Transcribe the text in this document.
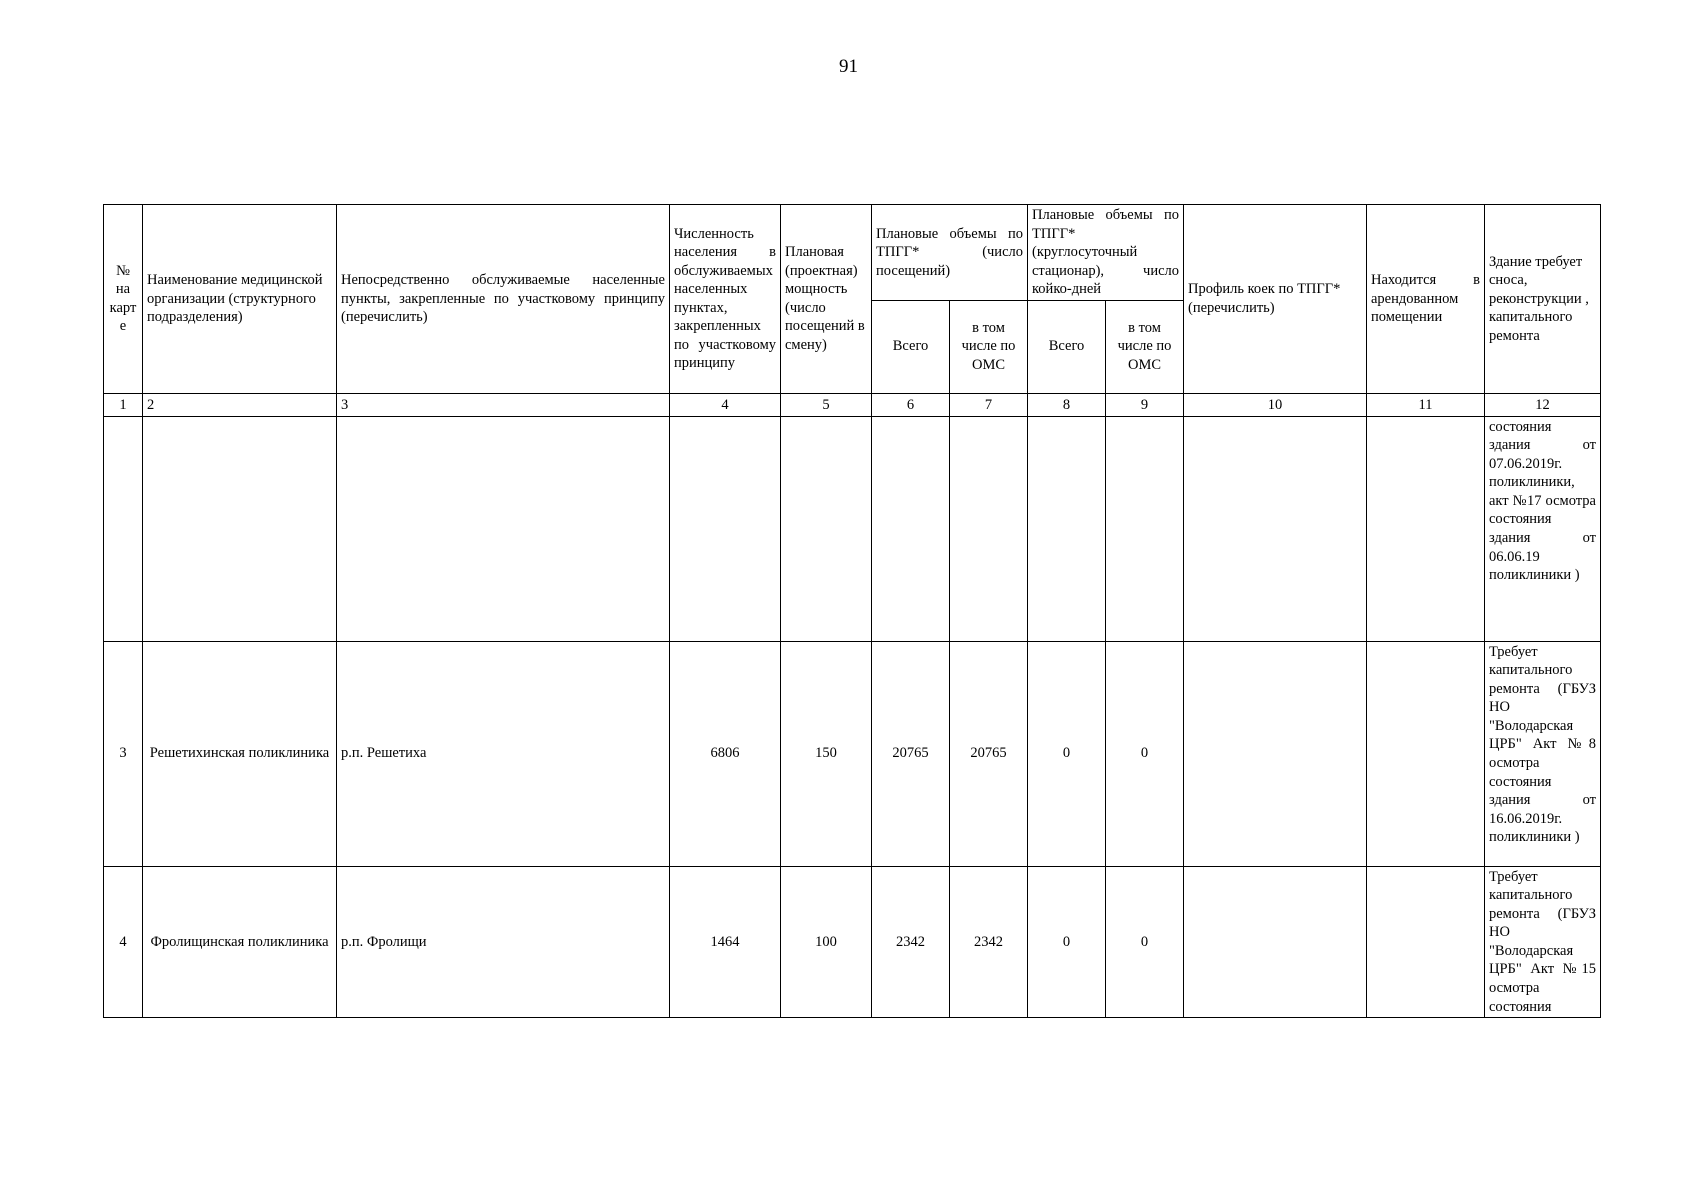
91
№ на карте	Наименование медицинской организации (структурного подразделения)	Непосредственно обслуживаемые населенные пункты, закрепленные по участковому принципу (перечислить)	Численность населения в обслуживаемых населенных пунктах, закрепленных по участковому принципу	Плановая (проектная) мощность (число посещений в смену)	Плановые объемы по ТПГГ* (число посещений)		Плановые объемы по ТПГГ* (круглосуточный стационар), число койко-дней		Профиль коек по ТПГГ* (перечислить)	Находится в арендованном помещении	Здание требует сноса, реконструкции , капитального ремонта
					Всего	в том числе по ОМС	Всего	в том числе по ОМС			
1	2	3	4	5	6	7	8	9	10	11	12
											состояния здания от 07.06.2019г. поликлиники, акт №17 осмотра состояния здания от 06.06.19 поликлиники )
3	Решетихинская поликлиника	р.п. Решетиха	6806	150	20765	20765	0	0			Требует капитального ремонта (ГБУЗ НО "Володарская ЦРБ" Акт №8 осмотра состояния здания от 16.06.2019г. поликлиники )
4	Фролищинская поликлиника	р.п. Фролищи	1464	100	2342	2342	0	0			Требует капитального ремонта (ГБУЗ НО "Володарская ЦРБ" Акт №15 осмотра состояния
